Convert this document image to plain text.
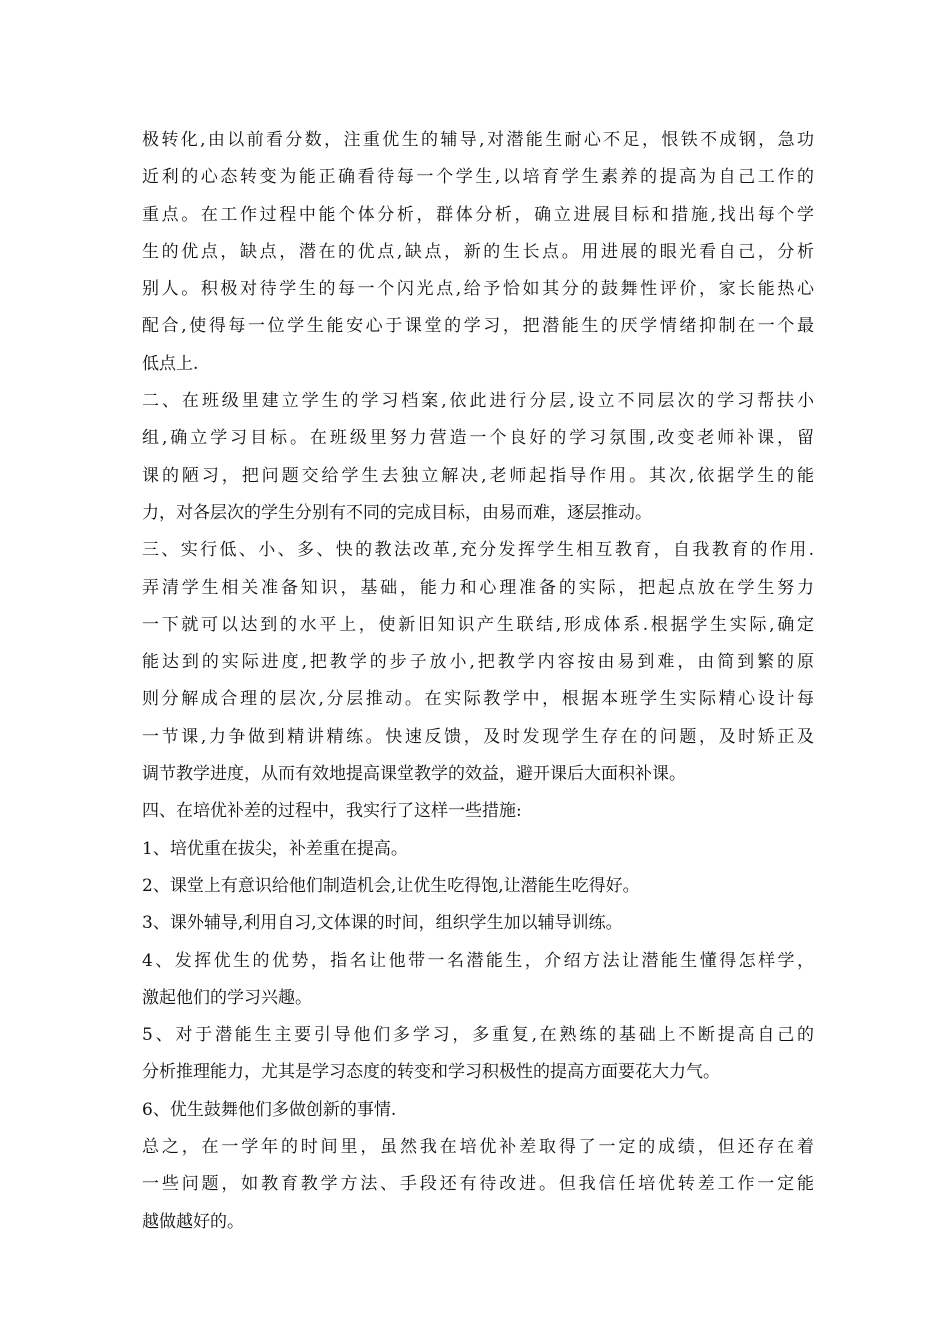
极转化,由以前看分数，注重优生的辅导,对潜能生耐心不足，恨铁不成钢，急功
近利的心态转变为能正确看待每一个学生,以培育学生素养的提高为自己工作的
重点。在工作过程中能个体分析，群体分析，确立进展目标和措施,找出每个学
生的优点，缺点，潜在的优点,缺点，新的生长点。用进展的眼光看自己，分析
别人。积极对待学生的每一个闪光点,给予恰如其分的鼓舞性评价，家长能热心
配合,使得每一位学生能安心于课堂的学习，把潜能生的厌学情绪抑制在一个最
低点上.

二、在班级里建立学生的学习档案,依此进行分层,设立不同层次的学习帮扶小
组,确立学习目标。在班级里努力营造一个良好的学习氛围,改变老师补课，留
课的陋习，把问题交给学生去独立解决,老师起指导作用。其次,依据学生的能
力，对各层次的学生分别有不同的完成目标，由易而难，逐层推动。

三、实行低、小、多、快的教法改革,充分发挥学生相互教育，自我教育的作用.
弄清学生相关准备知识，基础，能力和心理准备的实际，把起点放在学生努力
一下就可以达到的水平上，使新旧知识产生联结,形成体系.根据学生实际,确定
能达到的实际进度,把教学的步子放小,把教学内容按由易到难，由简到繁的原
则分解成合理的层次,分层推动。在实际教学中，根据本班学生实际精心设计每
一节课,力争做到精讲精练。快速反馈，及时发现学生存在的问题，及时矫正及
调节教学进度，从而有效地提高课堂教学的效益，避开课后大面积补课。

四、在培优补差的过程中，我实行了这样一些措施:

1、培优重在拔尖，补差重在提高。

2、课堂上有意识给他们制造机会,让优生吃得饱,让潜能生吃得好。

3、课外辅导,利用自习,文体课的时间，组织学生加以辅导训练。

4、发挥优生的优势，指名让他带一名潜能生，介绍方法让潜能生懂得怎样学，
激起他们的学习兴趣。

5、对于潜能生主要引导他们多学习，多重复,在熟练的基础上不断提高自己的
分析推理能力，尤其是学习态度的转变和学习积极性的提高方面要花大力气。

6、优生鼓舞他们多做创新的事情.

总之，在一学年的时间里，虽然我在培优补差取得了一定的成绩，但还存在着
一些问题，如教育教学方法、手段还有待改进。但我信任培优转差工作一定能
越做越好的。
